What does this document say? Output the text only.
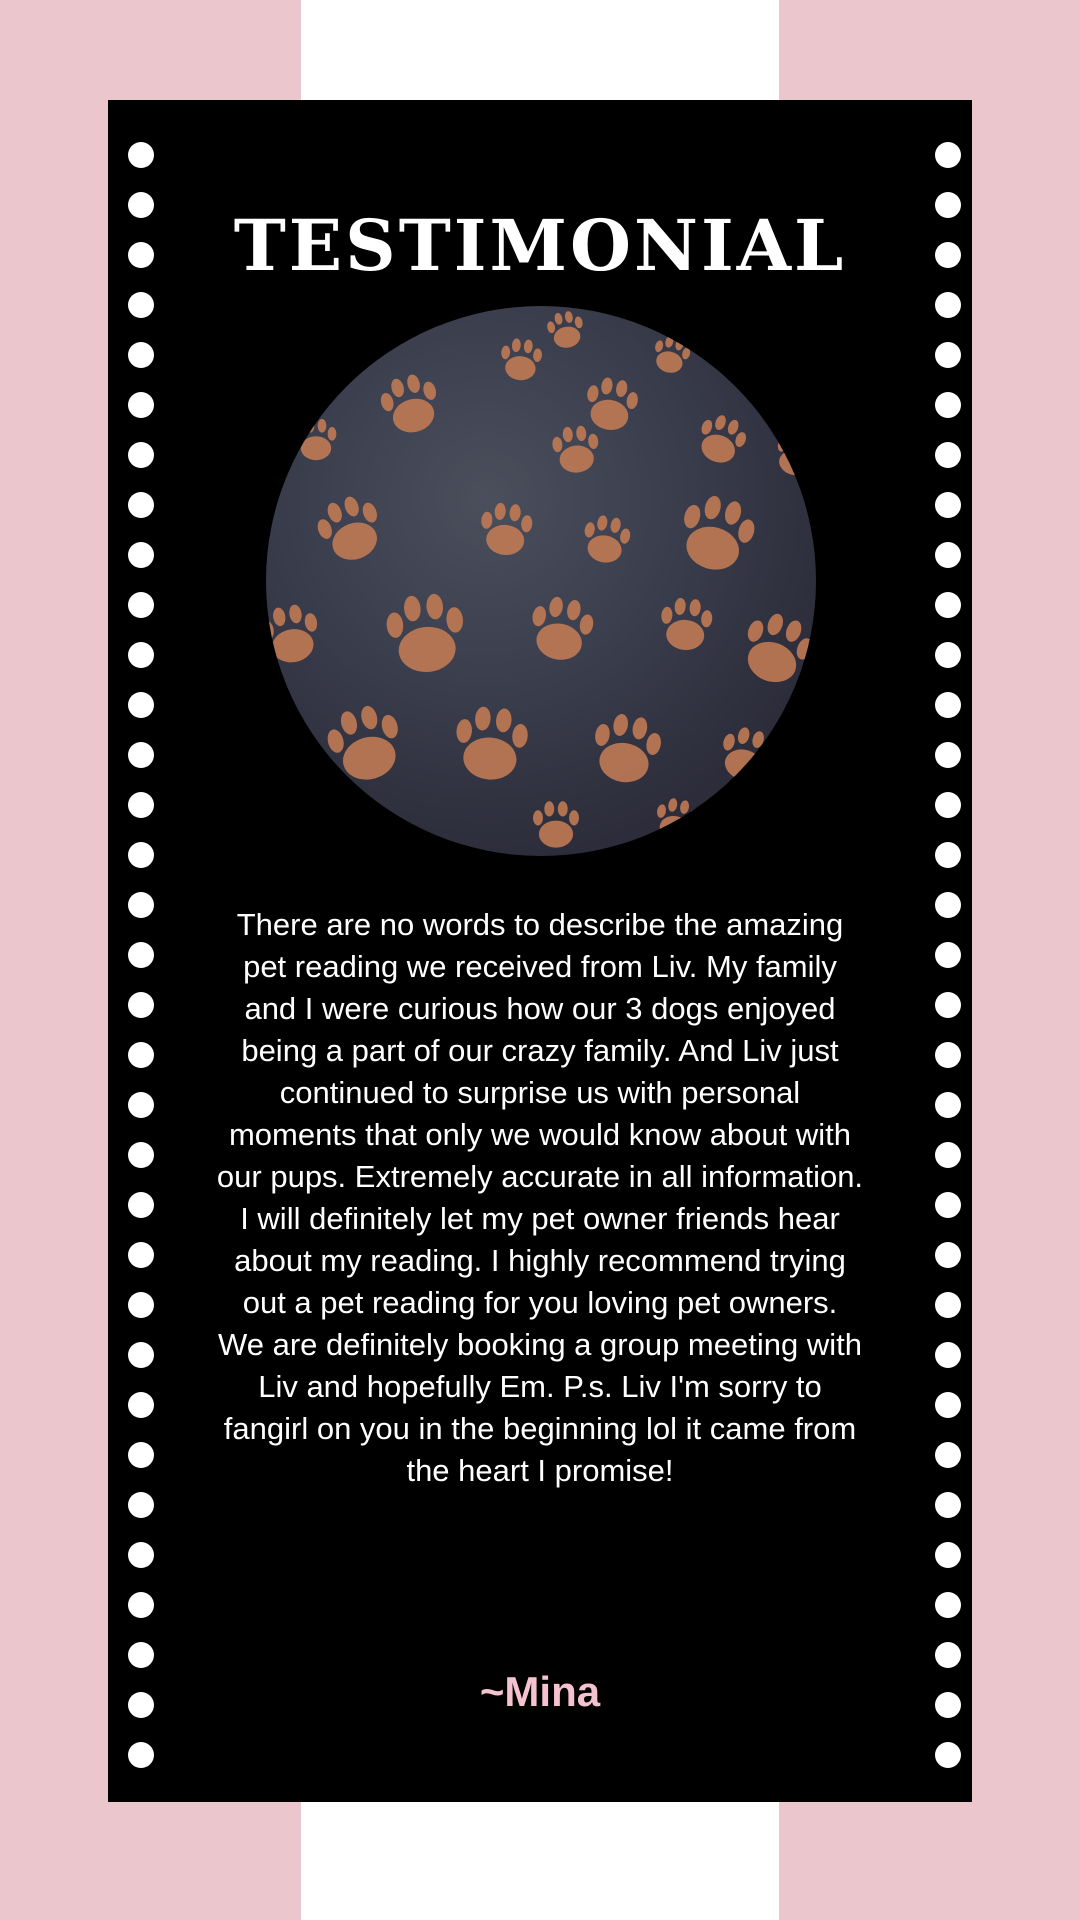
TESTIMONIAL
There are no words to describe the amazing pet reading we received from Liv. My family and I were curious how our 3 dogs enjoyed being a part of our crazy family. And Liv just continued to surprise us with personal moments that only we would know about with our pups. Extremely accurate in all information. I will definitely let my pet owner friends hear about my reading. I highly recommend trying out a pet reading for you loving pet owners. We are definitely booking a group meeting with Liv and hopefully Em. P.s. Liv I'm sorry to fangirl on you in the beginning lol it came from the heart I promise!
~Mina
